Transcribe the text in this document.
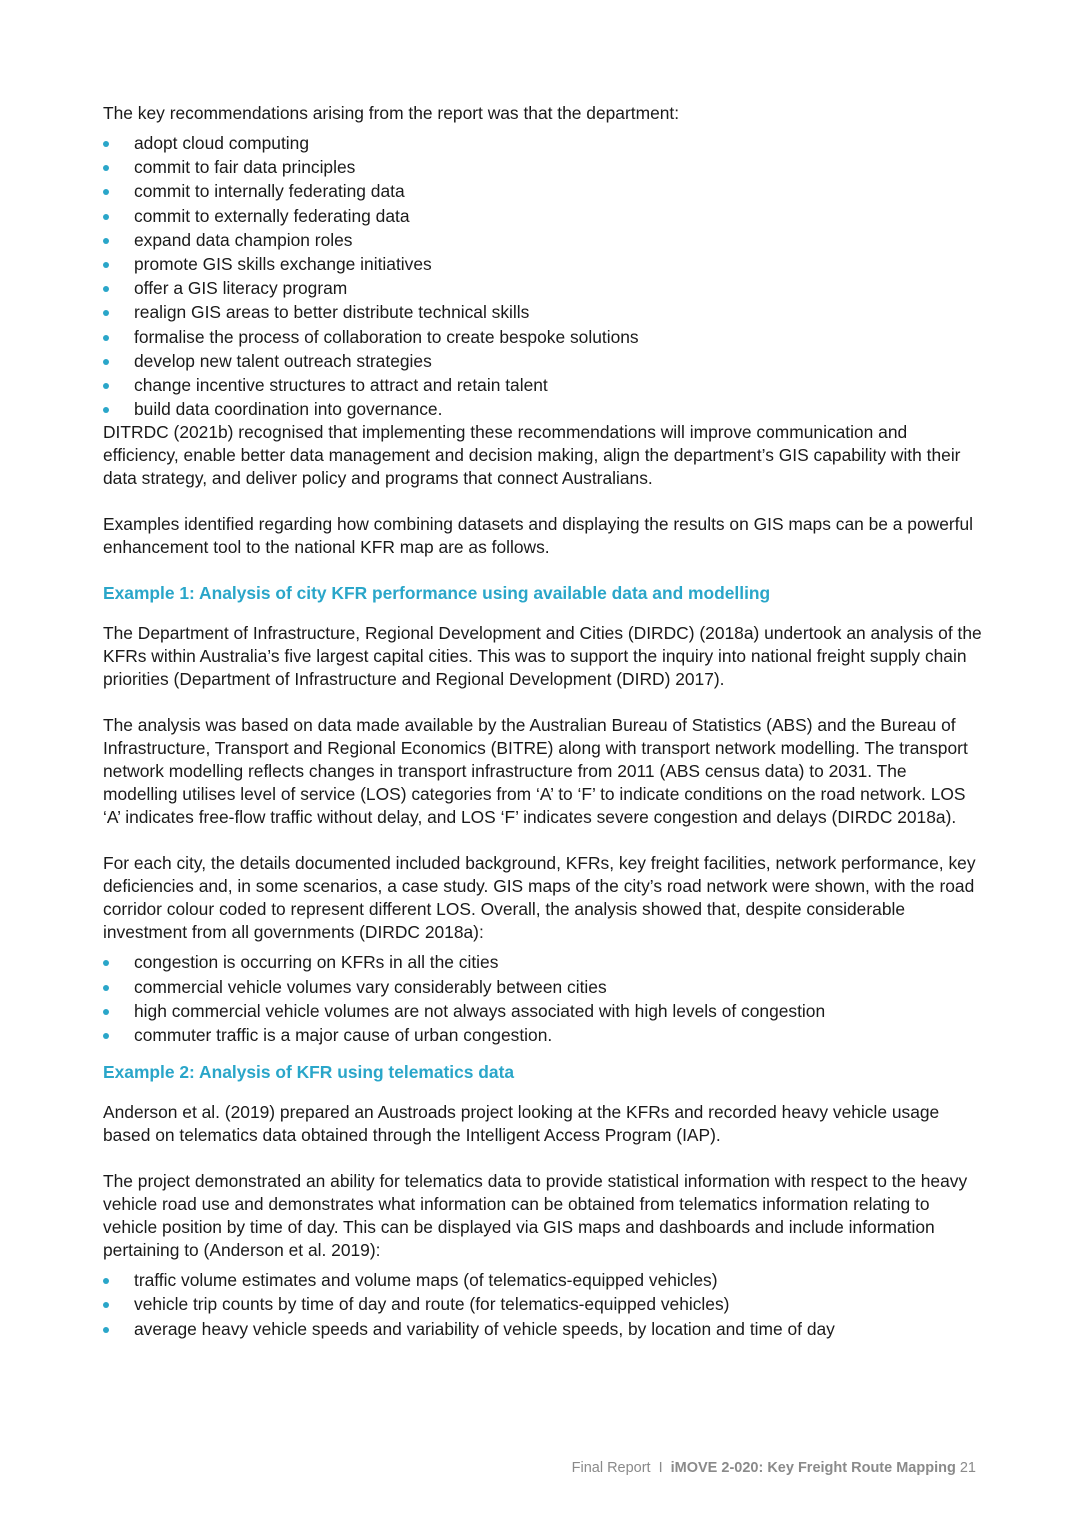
The key recommendations arising from the report was that the department:

adopt cloud computing
commit to fair data principles
commit to internally federating data
commit to externally federating data
expand data champion roles
promote GIS skills exchange initiatives
offer a GIS literacy program
realign GIS areas to better distribute technical skills
formalise the process of collaboration to create bespoke solutions
develop new talent outreach strategies
change incentive structures to attract and retain talent
build data coordination into governance.

DITRDC (2021b) recognised that implementing these recommendations will improve communication and efficiency, enable better data management and decision making, align the department’s GIS capability with their data strategy, and deliver policy and programs that connect Australians.

Examples identified regarding how combining datasets and displaying the results on GIS maps can be a powerful enhancement tool to the national KFR map are as follows.

Example 1: Analysis of city KFR performance using available data and modelling

The Department of Infrastructure, Regional Development and Cities (DIRDC) (2018a) undertook an analysis of the KFRs within Australia’s five largest capital cities. This was to support the inquiry into national freight supply chain priorities (Department of Infrastructure and Regional Development (DIRD) 2017).

The analysis was based on data made available by the Australian Bureau of Statistics (ABS) and the Bureau of Infrastructure, Transport and Regional Economics (BITRE) along with transport network modelling. The transport network modelling reflects changes in transport infrastructure from 2011 (ABS census data) to 2031. The modelling utilises level of service (LOS) categories from ‘A’ to ‘F’ to indicate conditions on the road network. LOS ‘A’ indicates free-flow traffic without delay, and LOS ‘F’ indicates severe congestion and delays (DIRDC 2018a).

For each city, the details documented included background, KFRs, key freight facilities, network performance, key deficiencies and, in some scenarios, a case study. GIS maps of the city’s road network were shown, with the road corridor colour coded to represent different LOS. Overall, the analysis showed that, despite considerable investment from all governments (DIRDC 2018a):

congestion is occurring on KFRs in all the cities
commercial vehicle volumes vary considerably between cities
high commercial vehicle volumes are not always associated with high levels of congestion
commuter traffic is a major cause of urban congestion.
Example 2: Analysis of KFR using telematics data

Anderson et al. (2019) prepared an Austroads project looking at the KFRs and recorded heavy vehicle usage based on telematics data obtained through the Intelligent Access Program (IAP).

The project demonstrated an ability for telematics data to provide statistical information with respect to the heavy vehicle road use and demonstrates what information can be obtained from telematics information relating to vehicle position by time of day. This can be displayed via GIS maps and dashboards and include information pertaining to (Anderson et al. 2019):

traffic volume estimates and volume maps (of telematics-equipped vehicles)
vehicle trip counts by time of day and route (for telematics-equipped vehicles)
average heavy vehicle speeds and variability of vehicle speeds, by location and time of day
Final Report I iMOVE 2-020: Key Freight Route Mapping 21
